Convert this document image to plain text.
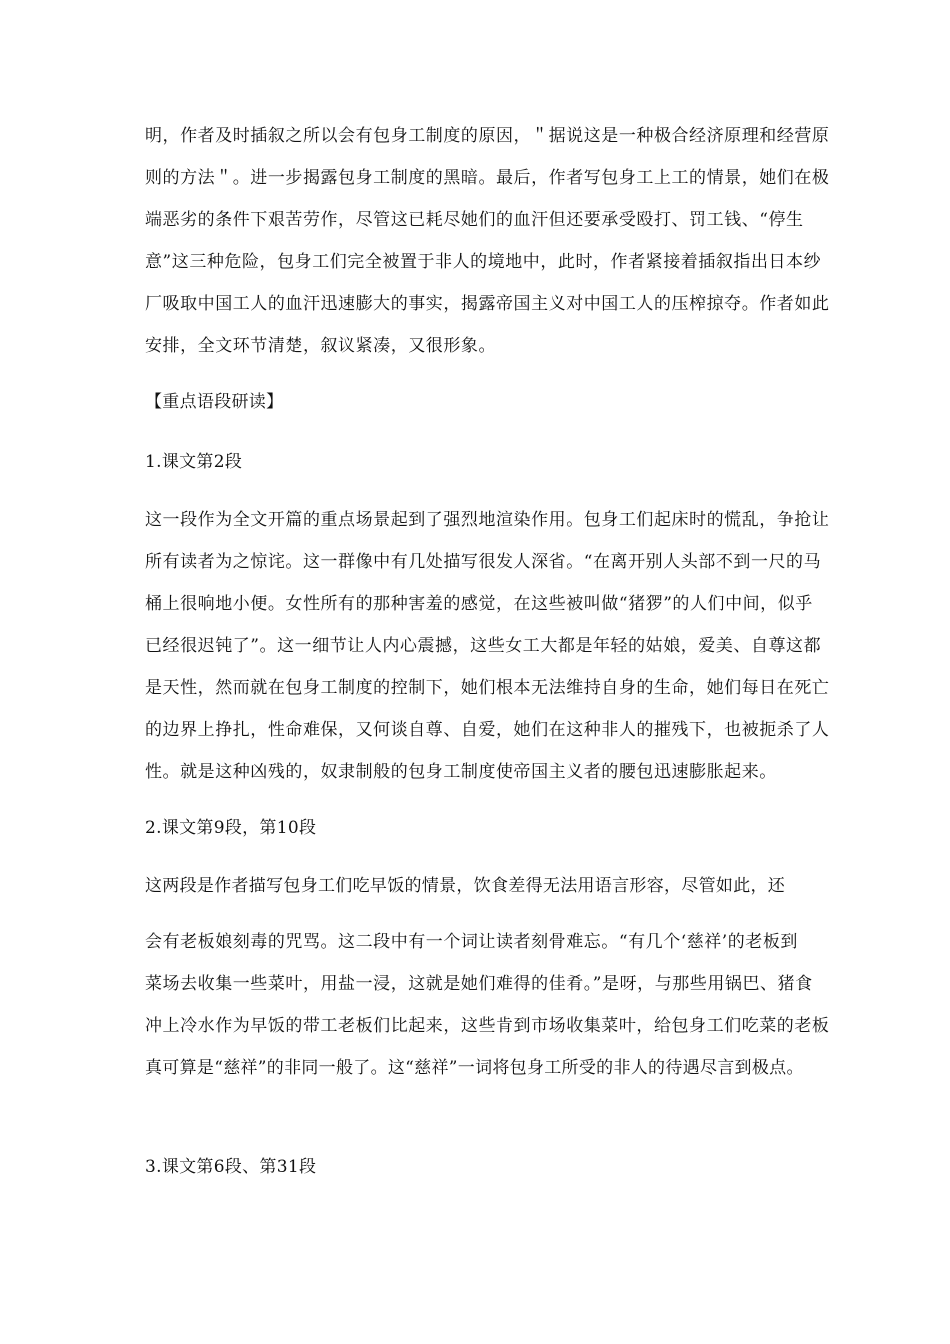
明，作者及时插叙之所以会有包身工制度的原因，＂据说这是一种极合经济原理和经营原
则的方法＂。进一步揭露包身工制度的黑暗。最后，作者写包身工上工的情景，她们在极
端恶劣的条件下艰苦劳作，尽管这已耗尽她们的血汗但还要承受殴打、罚工钱、“停生
意”这三种危险，包身工们完全被置于非人的境地中，此时，作者紧接着插叙指出日本纱
厂吸取中国工人的血汗迅速膨大的事实，揭露帝国主义对中国工人的压榨掠夺。作者如此
安排，全文环节清楚，叙议紧凑，又很形象。
【重点语段研读】
1.课文第2段
这一段作为全文开篇的重点场景起到了强烈地渲染作用。包身工们起床时的慌乱，争抢让
所有读者为之惊诧。这一群像中有几处描写很发人深省。“在离开别人头部不到一尺的马
桶上很响地小便。女性所有的那种害羞的感觉，在这些被叫做“猪猡”的人们中间，似乎
已经很迟钝了”。这一细节让人内心震撼，这些女工大都是年轻的姑娘，爱美、自尊这都
是天性，然而就在包身工制度的控制下，她们根本无法维持自身的生命，她们每日在死亡
的边界上挣扎，性命难保，又何谈自尊、自爱，她们在这种非人的摧残下，也被扼杀了人
性。就是这种凶残的，奴隶制般的包身工制度使帝国主义者的腰包迅速膨胀起来。
2.课文第9段，第10段
这两段是作者描写包身工们吃早饭的情景，饮食差得无法用语言形容，尽管如此，还
会有老板娘刻毒的咒骂。这二段中有一个词让读者刻骨难忘。“有几个‘慈祥’的老板到
菜场去收集一些菜叶，用盐一浸，这就是她们难得的佳肴。”是呀，与那些用锅巴、猪食
冲上冷水作为早饭的带工老板们比起来，这些肯到市场收集菜叶，给包身工们吃菜的老板
真可算是“慈祥”的非同一般了。这“慈祥”一词将包身工所受的非人的待遇尽言到极点。
3.课文第6段、第31段
